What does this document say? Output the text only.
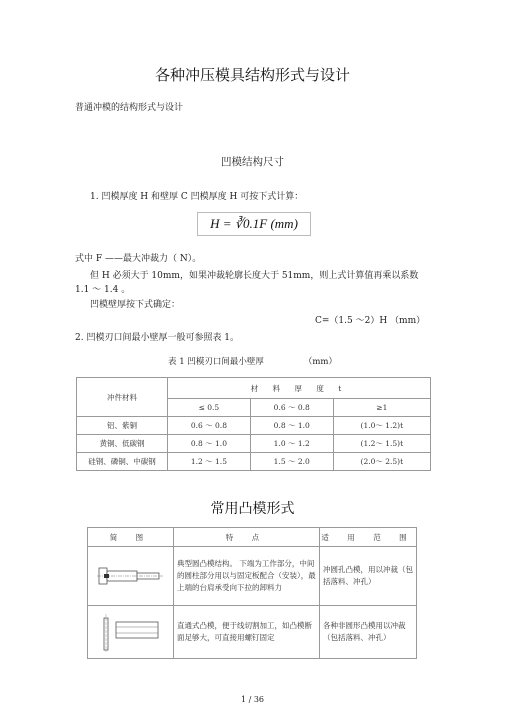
各种冲压模具结构形式与设计
普通冲模的结构形式与设计
凹模结构尺寸
1. 凹模厚度 H 和壁厚 C 凹模厚度 H 可按下式计算：
H = ∛0.1F (mm)
式中 F ——最大冲裁力（ N）。
但 H 必须大于 10mm，如果冲裁轮廓长度大于 51mm，则上式计算值再乘以系数
1.1 ～ 1.4 。
凹模壁厚按下式确定：
C=（1.5 ～2）H （mm）
2. 凹模刃口间最小壁厚一般可参照表 1。
表 1 凹模刃口间最小壁厚	（mm）
冲件材料	材 料 厚 度 t		
	≤ 0.5	0.6 ～ 0.8	≥1
铝、紫铜	0.6 ～ 0.8	0.8 ～ 1.0	(1.0～ 1.2)t
黄铜、低碳钢	0.8 ～ 1.0	1.0 ～ 1.2	(1.2～ 1.5)t
硅钢、磷铜、中碳钢	1.2 ～ 1.5	1.5 ～ 2.0	(2.0～ 2.5)t
常用凸模形式
简 图	特 点	适 用 范 围

	典型圆凸模结构。 下端为工作部分，中间的圆柱部分用以与固定板配合（安装），最上端的台肩承受向下拉的卸料力	冲圆孔凸模，用以冲裁（包括落料、冲孔）

	直通式凸模，便于线切割加工，如凸模断面足够大，可直接用螺钉固定	各种非圆形凸模用以冲裁（包括落料、冲孔）
1 / 36
